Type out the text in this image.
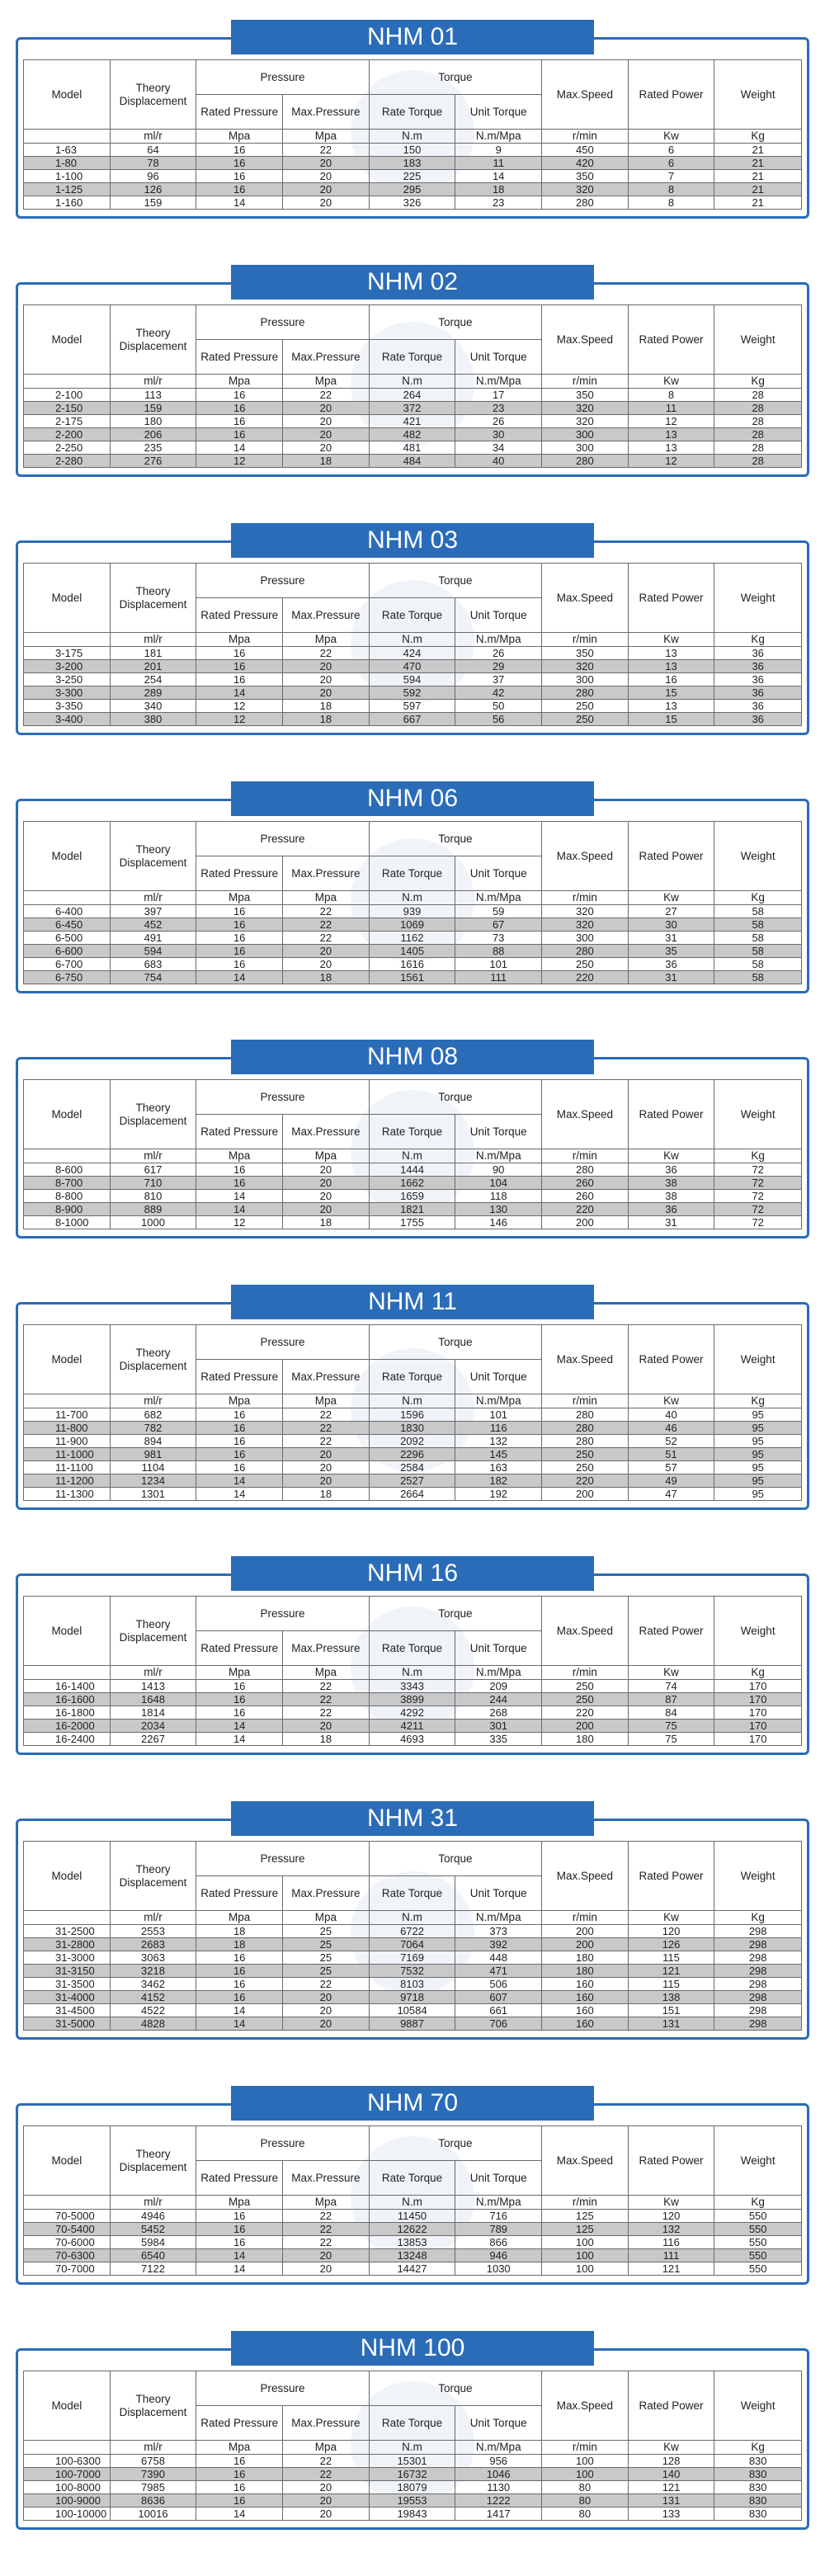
NHM 01
Model	Theory Displacement	Pressure		Torque		Max.Speed	Rated Power	Weight
		Rated Pressure	Max.Pressure	Rate Torque	Unit Torque			
	ml/r	Mpa	Mpa	N.m	N.m/Mpa	r/min	Kw	Kg
1-63	64	16	22	150	9	450	6	21
1-80	78	16	20	183	11	420	6	21
1-100	96	16	20	225	14	350	7	21
1-125	126	16	20	295	18	320	8	21
1-160	159	14	20	326	23	280	8	21
NHM 02
Model	Theory Displacement	Pressure		Torque		Max.Speed	Rated Power	Weight
		Rated Pressure	Max.Pressure	Rate Torque	Unit Torque			
	ml/r	Mpa	Mpa	N.m	N.m/Mpa	r/min	Kw	Kg
2-100	113	16	22	264	17	350	8	28
2-150	159	16	20	372	23	320	11	28
2-175	180	16	20	421	26	320	12	28
2-200	206	16	20	482	30	300	13	28
2-250	235	14	20	481	34	300	13	28
2-280	276	12	18	484	40	280	12	28
NHM 03
Model	Theory Displacement	Pressure		Torque		Max.Speed	Rated Power	Weight
		Rated Pressure	Max.Pressure	Rate Torque	Unit Torque			
	ml/r	Mpa	Mpa	N.m	N.m/Mpa	r/min	Kw	Kg
3-175	181	16	22	424	26	350	13	36
3-200	201	16	20	470	29	320	13	36
3-250	254	16	20	594	37	300	16	36
3-300	289	14	20	592	42	280	15	36
3-350	340	12	18	597	50	250	13	36
3-400	380	12	18	667	56	250	15	36
NHM 06
Model	Theory Displacement	Pressure		Torque		Max.Speed	Rated Power	Weight
		Rated Pressure	Max.Pressure	Rate Torque	Unit Torque			
	ml/r	Mpa	Mpa	N.m	N.m/Mpa	r/min	Kw	Kg
6-400	397	16	22	939	59	320	27	58
6-450	452	16	22	1069	67	320	30	58
6-500	491	16	22	1162	73	300	31	58
6-600	594	16	20	1405	88	280	35	58
6-700	683	16	20	1616	101	250	36	58
6-750	754	14	18	1561	111	220	31	58
NHM 08
Model	Theory Displacement	Pressure		Torque		Max.Speed	Rated Power	Weight
		Rated Pressure	Max.Pressure	Rate Torque	Unit Torque			
	ml/r	Mpa	Mpa	N.m	N.m/Mpa	r/min	Kw	Kg
8-600	617	16	20	1444	90	280	36	72
8-700	710	16	20	1662	104	260	38	72
8-800	810	14	20	1659	118	260	38	72
8-900	889	14	20	1821	130	220	36	72
8-1000	1000	12	18	1755	146	200	31	72
NHM 11
Model	Theory Displacement	Pressure		Torque		Max.Speed	Rated Power	Weight
		Rated Pressure	Max.Pressure	Rate Torque	Unit Torque			
	ml/r	Mpa	Mpa	N.m	N.m/Mpa	r/min	Kw	Kg
11-700	682	16	22	1596	101	280	40	95
11-800	782	16	22	1830	116	280	46	95
11-900	894	16	22	2092	132	280	52	95
11-1000	981	16	20	2296	145	250	51	95
11-1100	1104	16	20	2584	163	250	57	95
11-1200	1234	14	20	2527	182	220	49	95
11-1300	1301	14	18	2664	192	200	47	95
NHM 16
Model	Theory Displacement	Pressure		Torque		Max.Speed	Rated Power	Weight
		Rated Pressure	Max.Pressure	Rate Torque	Unit Torque			
	ml/r	Mpa	Mpa	N.m	N.m/Mpa	r/min	Kw	Kg
16-1400	1413	16	22	3343	209	250	74	170
16-1600	1648	16	22	3899	244	250	87	170
16-1800	1814	16	22	4292	268	220	84	170
16-2000	2034	14	20	4211	301	200	75	170
16-2400	2267	14	18	4693	335	180	75	170
NHM 31
Model	Theory Displacement	Pressure		Torque		Max.Speed	Rated Power	Weight
		Rated Pressure	Max.Pressure	Rate Torque	Unit Torque			
	ml/r	Mpa	Mpa	N.m	N.m/Mpa	r/min	Kw	Kg
31-2500	2553	18	25	6722	373	200	120	298
31-2800	2683	18	25	7064	392	200	126	298
31-3000	3063	16	25	7169	448	180	115	298
31-3150	3218	16	25	7532	471	180	121	298
31-3500	3462	16	22	8103	506	160	115	298
31-4000	4152	16	20	9718	607	160	138	298
31-4500	4522	14	20	10584	661	160	151	298
31-5000	4828	14	20	9887	706	160	131	298
NHM 70
Model	Theory Displacement	Pressure		Torque		Max.Speed	Rated Power	Weight
		Rated Pressure	Max.Pressure	Rate Torque	Unit Torque			
	ml/r	Mpa	Mpa	N.m	N.m/Mpa	r/min	Kw	Kg
70-5000	4946	16	22	11450	716	125	120	550
70-5400	5452	16	22	12622	789	125	132	550
70-6000	5984	16	22	13853	866	100	116	550
70-6300	6540	14	20	13248	946	100	111	550
70-7000	7122	14	20	14427	1030	100	121	550
NHM 100
Model	Theory Displacement	Pressure		Torque		Max.Speed	Rated Power	Weight
		Rated Pressure	Max.Pressure	Rate Torque	Unit Torque			
	ml/r	Mpa	Mpa	N.m	N.m/Mpa	r/min	Kw	Kg
100-6300	6758	16	22	15301	956	100	128	830
100-7000	7390	16	22	16732	1046	100	140	830
100-8000	7985	16	20	18079	1130	80	121	830
100-9000	8636	16	20	19553	1222	80	131	830
100-10000	10016	14	20	19843	1417	80	133	830
